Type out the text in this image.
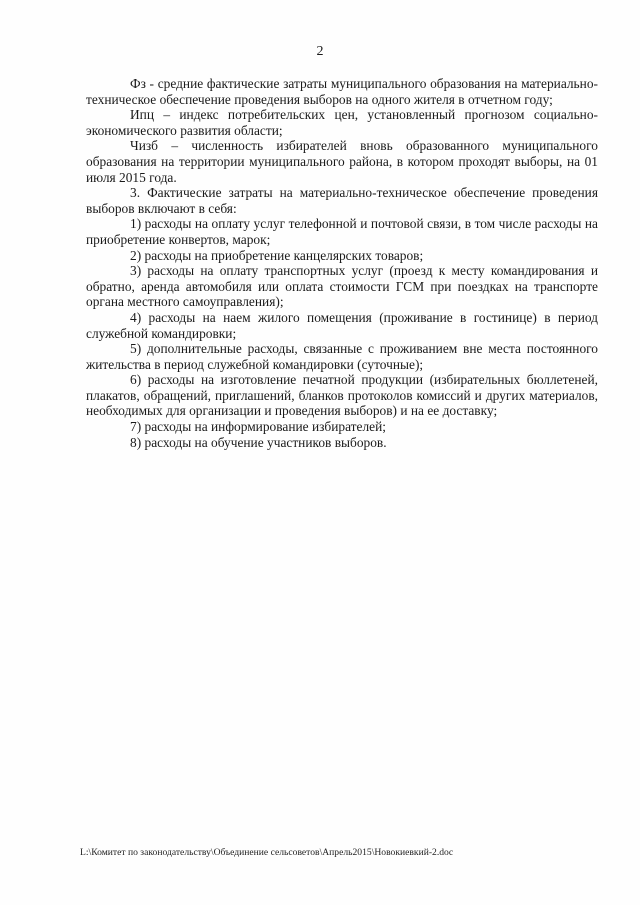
2

Фз - средние фактические затраты муниципального образования на материально-техническое обеспечение проведения выборов на одного жителя в отчетном году;

Ипц – индекс потребительских цен, установленный прогнозом социально-экономического развития области;

Чизб – численность избирателей вновь образованного муниципального образования на территории муниципального района, в котором проходят выборы, на 01 июля 2015 года.

3. Фактические затраты на материально-техническое обеспечение проведения выборов включают в себя:

1) расходы на оплату услуг телефонной и почтовой связи, в том числе расходы на приобретение конвертов, марок;

2) расходы на приобретение канцелярских товаров;

3) расходы на оплату транспортных услуг (проезд к месту командирования и обратно, аренда автомобиля или оплата стоимости ГСМ при поездках на транспорте органа местного самоуправления);

4) расходы на наем жилого помещения (проживание в гостинице) в период служебной командировки;

5) дополнительные расходы, связанные с проживанием вне места постоянного жительства в период служебной командировки (суточные);

6) расходы на изготовление печатной продукции (избирательных бюллетеней, плакатов, обращений, приглашений, бланков протоколов комиссий и других материалов, необходимых для организации и проведения выборов) и на ее доставку;

7) расходы на информирование избирателей;

8) расходы на обучение участников выборов.

L:\Комитет по законодательству\Объединение сельсоветов\Апрель2015\Новокиевкий-2.doc
